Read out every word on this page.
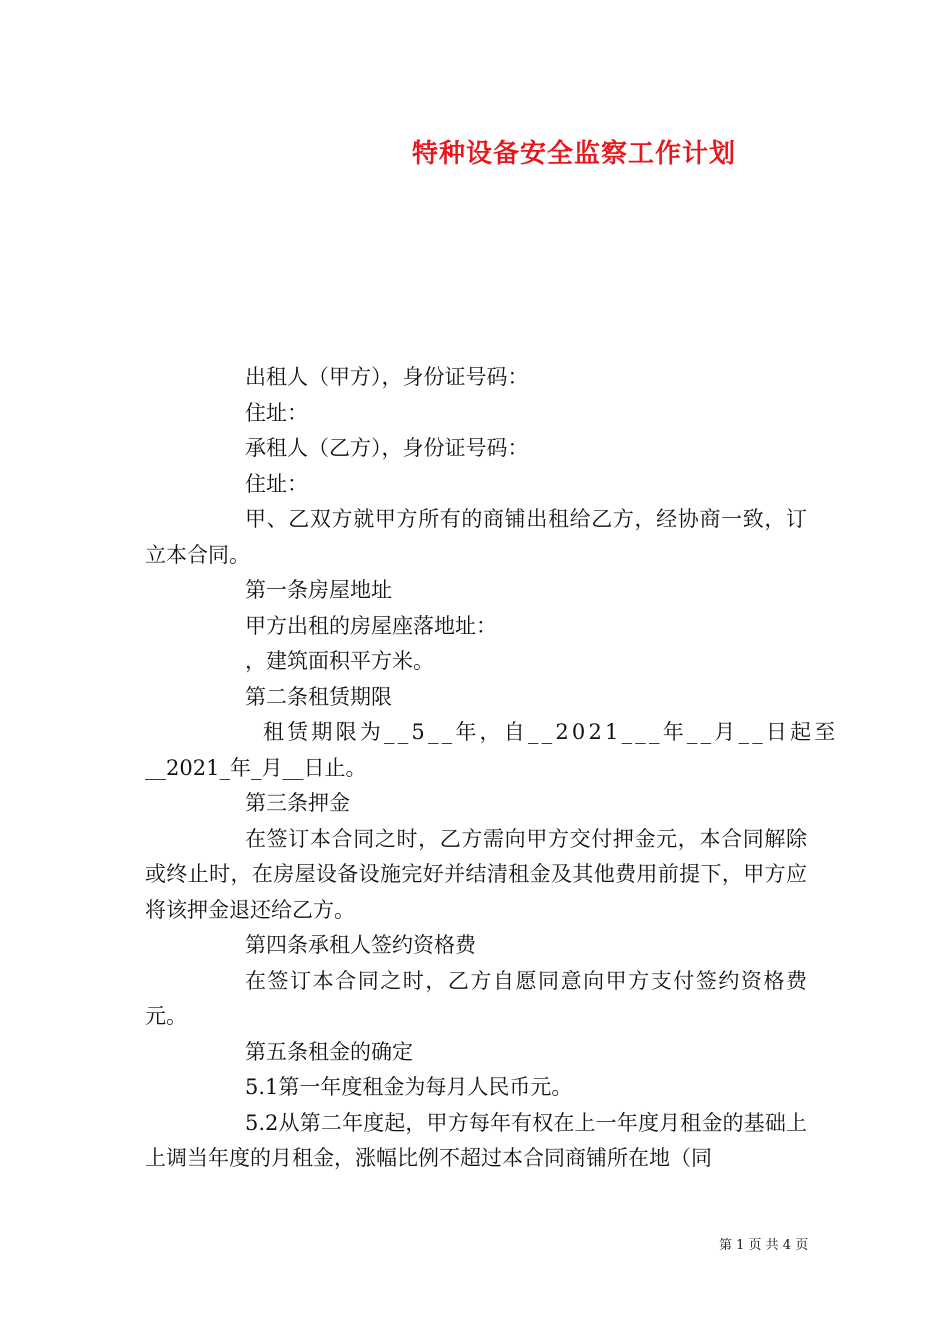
特种设备安全监察工作计划

出租人（甲方），身份证号码：

住址：

承租人（乙方），身份证号码：

住址：

甲、乙双方就甲方所有的商铺出租给乙方，经协商一致，订立本合同。

第一条房屋地址

甲方出租的房屋座落地址：

，建筑面积平方米。

第二条租赁期限

租赁期限为__5__年，自__2021___年__月__日起至

__2021_年_月__日止。

第三条押金

在签订本合同之时，乙方需向甲方交付押金元，本合同解除或终止时，在房屋设备设施完好并结清租金及其他费用前提下，甲方应将该押金退还给乙方。

第四条承租人签约资格费

在签订本合同之时，乙方自愿同意向甲方支付签约资格费元。

第五条租金的确定

5.1第一年度租金为每月人民币元。

5.2从第二年度起，甲方每年有权在上一年度月租金的基础上上调当年度的月租金，涨幅比例不超过本合同商铺所在地（同

第 1 页 共 4 页
